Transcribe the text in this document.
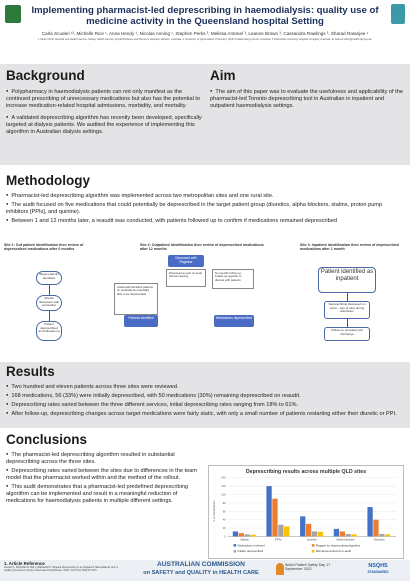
Implementing pharmacist-led deprescribing in haemodialysis: quality use of medicine activity in the Queensland hospital Setting
Carla Scuderi ¹², Michelle Rice ¹, Anna Hendy ¹, Nicolas Anning ¹, Stephen Perks ³, Melissa Antonel ³, Leanne Brown ³, Cassandra Rawlings ³, Sharad Ratanjee ¹
1 Metro North Hospital and Health Service, Kidney Health Service, Royal Brisbane and Women's Hospital, Herston, Australia. 2 University of Queensland, Pharmacy, WHO Collaborating Centre, Australia. 3 Townsville University Hospital, Douglas, Australia. E: carla.scuderi@health.qld.gov.au
Background

● Polypharmacy in haemodialysis patients can not only manifest as the continued prescribing of unnecessary medications but also has the potential to increase medication-related hospital admissions, morbidity, and mortality.

● A validated deprescribing algorithm has recently been developed, specifically targeted at dialysis patients. We audited the experience of implementing this algorithm in Australian dialysis settings.

Aim

● The aim of this paper was to evaluate the usefulness and applicability of the pharmacist-led Toronto deprescribing tool in Australian in inpatient and outpatient haemodialysis settings.

Methodology

● Pharmacist-led deprescribing algorithm was implemented across two metropolitan sites and one rural site.

● The audit focused on five medications that could potentially be deprescribed in the target patient group (diuretics, alpha blockers, statins, proton pump inhibitors [PPIs], and quinine).

● Between 1 and 12 months later, a reaudit was conducted, with patients followed up to confirm if medications remained deprescribed

Site 1: Out patient identification then review of deprescribed medications after 6 months
Target patients identified
Directs discussion with consultant
Patient deprescribed and followed up
Site 2: Outpatient identification then review of deprescribed medications after 12 months
Initial audit identified patients on medications potentially able to be deprescribed
Patients identified
Discussed with Registrar
Discussed as part of usual clinical meeting
No specific follow-up; Follow-up registrar to discuss with patients
Medications deprescribed
Site 3: Inpatient identification then review of deprescribed medications after 1 month
Patient identified as inpatient
Deprescribing discussed on ward – part of care during admission
Follow up provided post discharge
Results

● Two hundred and eleven patients across three sites were reviewed.

● 168 medications, 56 (33%) were initially deprescribed, with 50 medications (30%) remaining deprescribed on reaudit.

● Deprescribing rates varied between the three different services, initial deprescribing rates ranging from 18% to 61%.

● After follow-up, deprescribing changes across target medications were fairly static, with only a small number of patients restarting either their diuretic or PPI.

Conclusions

● The pharmacist-led deprescribing algorithm resulted in substantial deprescribing across the three sites.

● Deprescribing rates varied between the sites due to differences in the team model that the pharmacist worked within and the method of the rollout.

● This audit demonstrates that a pharmacist-led predefined deprescribing algorithm can be implemented and result in a meaningful reduction of medications for haemodialysis patients in multiple different settings.

Deprescribing results across multiple QLD sites
# of medications
0
20
40
60
80
100
120
140
Statins	PPI's	Quinine	Alpha blockers	Diuretics
Medications reviewed	Flagged for deprescribing algorithm
Initially deprescribed	Still deprescribed at re-audit
1. Article Reference
Scuderi C, McQuillan R, Bell L, Battistella M. Targeted Deprescribing in an Outpatient Haemodialysis Unit: A Quality Improvement Study to Decrease Polypharmacy. AJKD. 2017 Nov;70(5):571-576.
AUSTRALIAN COMMISSION
on SAFETY and QUALITY in HEALTH CARE
World Patient Safety Day 17 September 2022
NSQHS
STANDARDS
